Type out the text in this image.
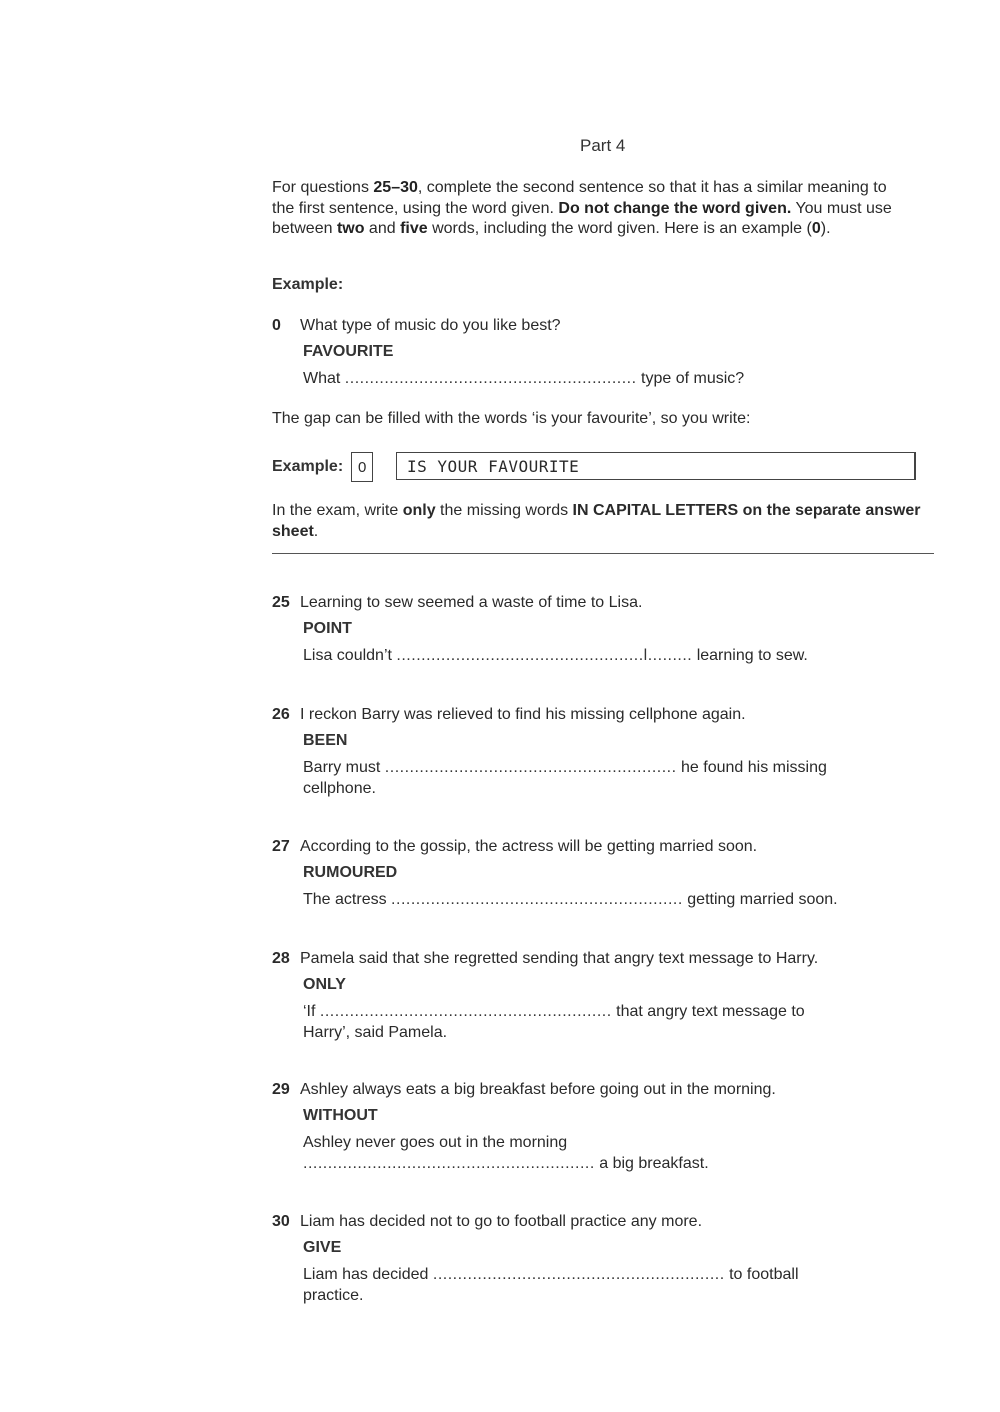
Part 4
For questions 25–30, complete the second sentence so that it has a similar meaning to the first sentence, using the word given. Do not change the word given. You must use between two and five words, including the word given. Here is an example (0).
Example:
0 What type of music do you like best?
FAVOURITE
What ........................................................... type of music?
The gap can be filled with the words ‘is your favourite’, so you write:
Example: 0	IS YOUR FAVOURITE
In the exam, write only the missing words IN CAPITAL LETTERS on the separate answer sheet.
25 Learning to sew seemed a waste of time to Lisa.
POINT
Lisa couldn’t ..................................................l......... learning to sew.
26 I reckon Barry was relieved to find his missing cellphone again.
BEEN
Barry must ........................................................... he found his missing
cellphone.
27 According to the gossip, the actress will be getting married soon.
RUMOURED
The actress ........................................................... getting married soon.
28 Pamela said that she regretted sending that angry text message to Harry.
ONLY
‘If ........................................................... that angry text message to
Harry’, said Pamela.
29 Ashley always eats a big breakfast before going out in the morning.
WITHOUT
Ashley never goes out in the morning
........................................................... a big breakfast.
30 Liam has decided not to go to football practice any more.
GIVE
Liam has decided ........................................................... to football
practice.
